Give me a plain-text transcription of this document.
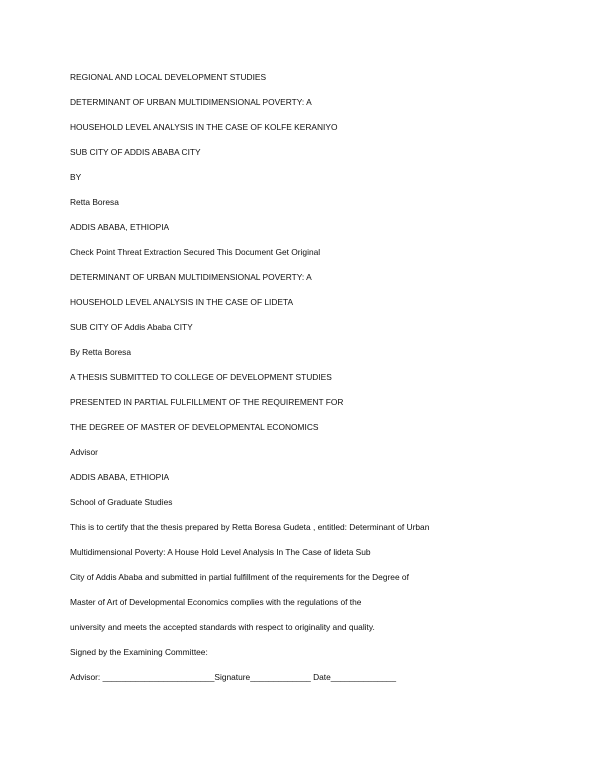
REGIONAL AND LOCAL DEVELOPMENT STUDIES

DETERMINANT OF URBAN MULTIDIMENSIONAL POVERTY: A

HOUSEHOLD LEVEL ANALYSIS IN THE CASE OF KOLFE KERANIYO

SUB CITY OF ADDIS ABABA CITY

BY

Retta Boresa

ADDIS ABABA, ETHIOPIA

Check Point Threat Extraction Secured This Document Get Original

DETERMINANT OF URBAN MULTIDIMENSIONAL POVERTY: A

HOUSEHOLD LEVEL ANALYSIS IN THE CASE OF LIDETA

SUB CITY OF Addis Ababa CITY

By Retta Boresa

A THESIS SUBMITTED TO COLLEGE OF DEVELOPMENT STUDIES

PRESENTED IN PARTIAL FULFILLMENT OF THE REQUIREMENT FOR

THE DEGREE OF MASTER OF DEVELOPMENTAL ECONOMICS

Advisor

ADDIS ABABA, ETHIOPIA

School of Graduate Studies

This is to certify that the thesis prepared by Retta Boresa Gudeta , entitled: Determinant of Urban

Multidimensional Poverty: A House Hold Level Analysis In The Case of lideta Sub

City of Addis Ababa and submitted in partial fulfillment of the requirements for the Degree of

Master of Art of Developmental Economics complies with the regulations of the

university and meets the accepted standards with respect to originality and quality.

Signed by the Examining Committee:

Advisor: ________________________Signature_____________ Date______________
